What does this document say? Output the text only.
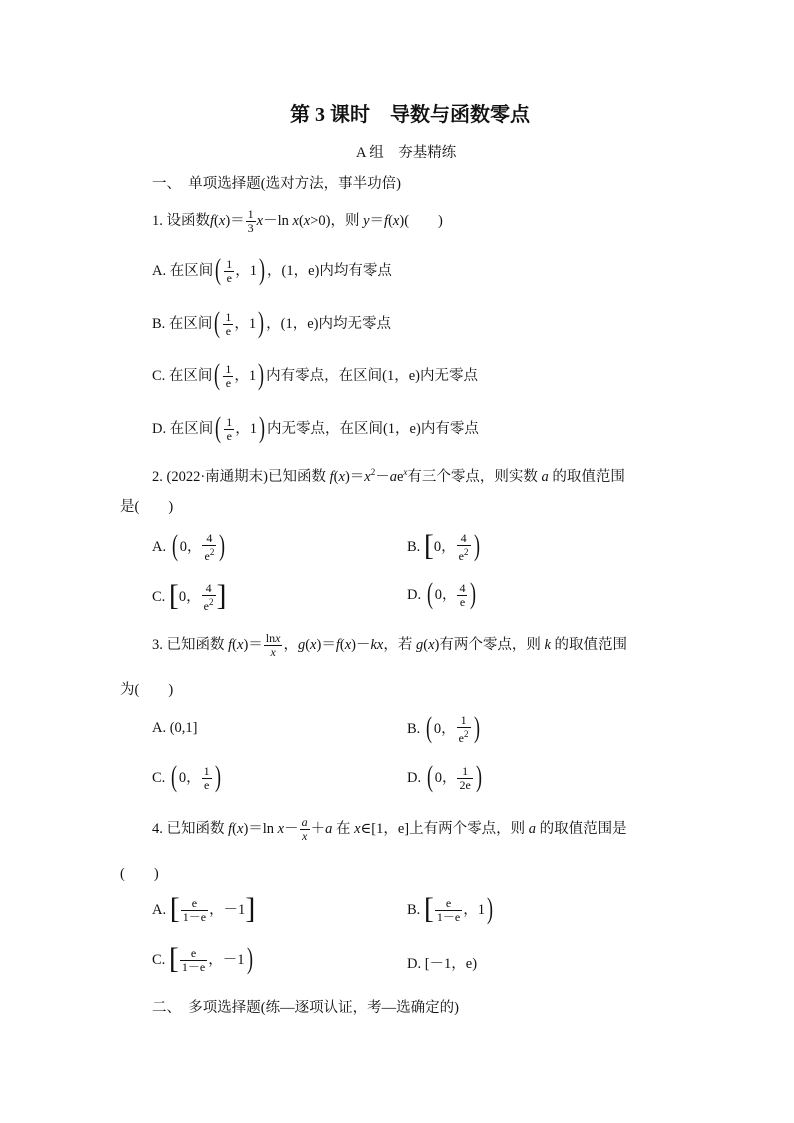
第 3 课时　导数与函数零点
A 组　夯基精练
一、　单项选择题(选对方法，事半功倍)
1. 设函数$f(x)= \frac{1}{3} x-\ln$ x(x>0)，则 y＝f(x)(　　)
A. 在区间( $\frac{1}{e}$ ，1) ，(1，e)内均有零点
B. 在区间( $\frac{1}{e}$ ，1) ，(1，e)内均无零点
C. 在区间( $\frac{1}{e}$ ，1) 内有零点，在区间(1，e)内无零点
D. 在区间( $\frac{1}{e}$ ，1) 内无零点，在区间(1，e)内有零点
2. (2022·南通期末)已知函数 $f(x)=x^2-ae^x$有三个零点，则实数 a 的取值范围
是(　　)
A. ( 0， $\frac{4}{e^2}$ )	B. [0， $\frac{4}{e^2}$ )
C. [0， $\frac{4}{e^2}$ ]	D. ( 0， $\frac{4}{e}$ )
3. 已知函数 $f(x)= \frac{\ln x}{x}$ ，g(x)＝f(x)－kx，若 g(x)有两个零点，则 k 的取值范围
为(　　)
A. (0,1]	B. ( 0， $\frac{1}{e^2}$ )
C. ( 0， $\frac{1}{e}$ )	D. ( 0， $\frac{1}{2e}$ )
4. 已知函数 f(x)＝ln $x- \frac{a}{x} +a$ 在 x∈[1，e]上有两个零点，则 a 的取值范围是
(　　)
A. [ $\frac{e}{1-e}$ ，－1]	B. [ $\frac{e}{1-e}$ ，1)
C. [ $\frac{e}{1-e}$ ，－1)	D. [－1，e)
二、　多项选择题(练—逐项认证，考—选确定的)
